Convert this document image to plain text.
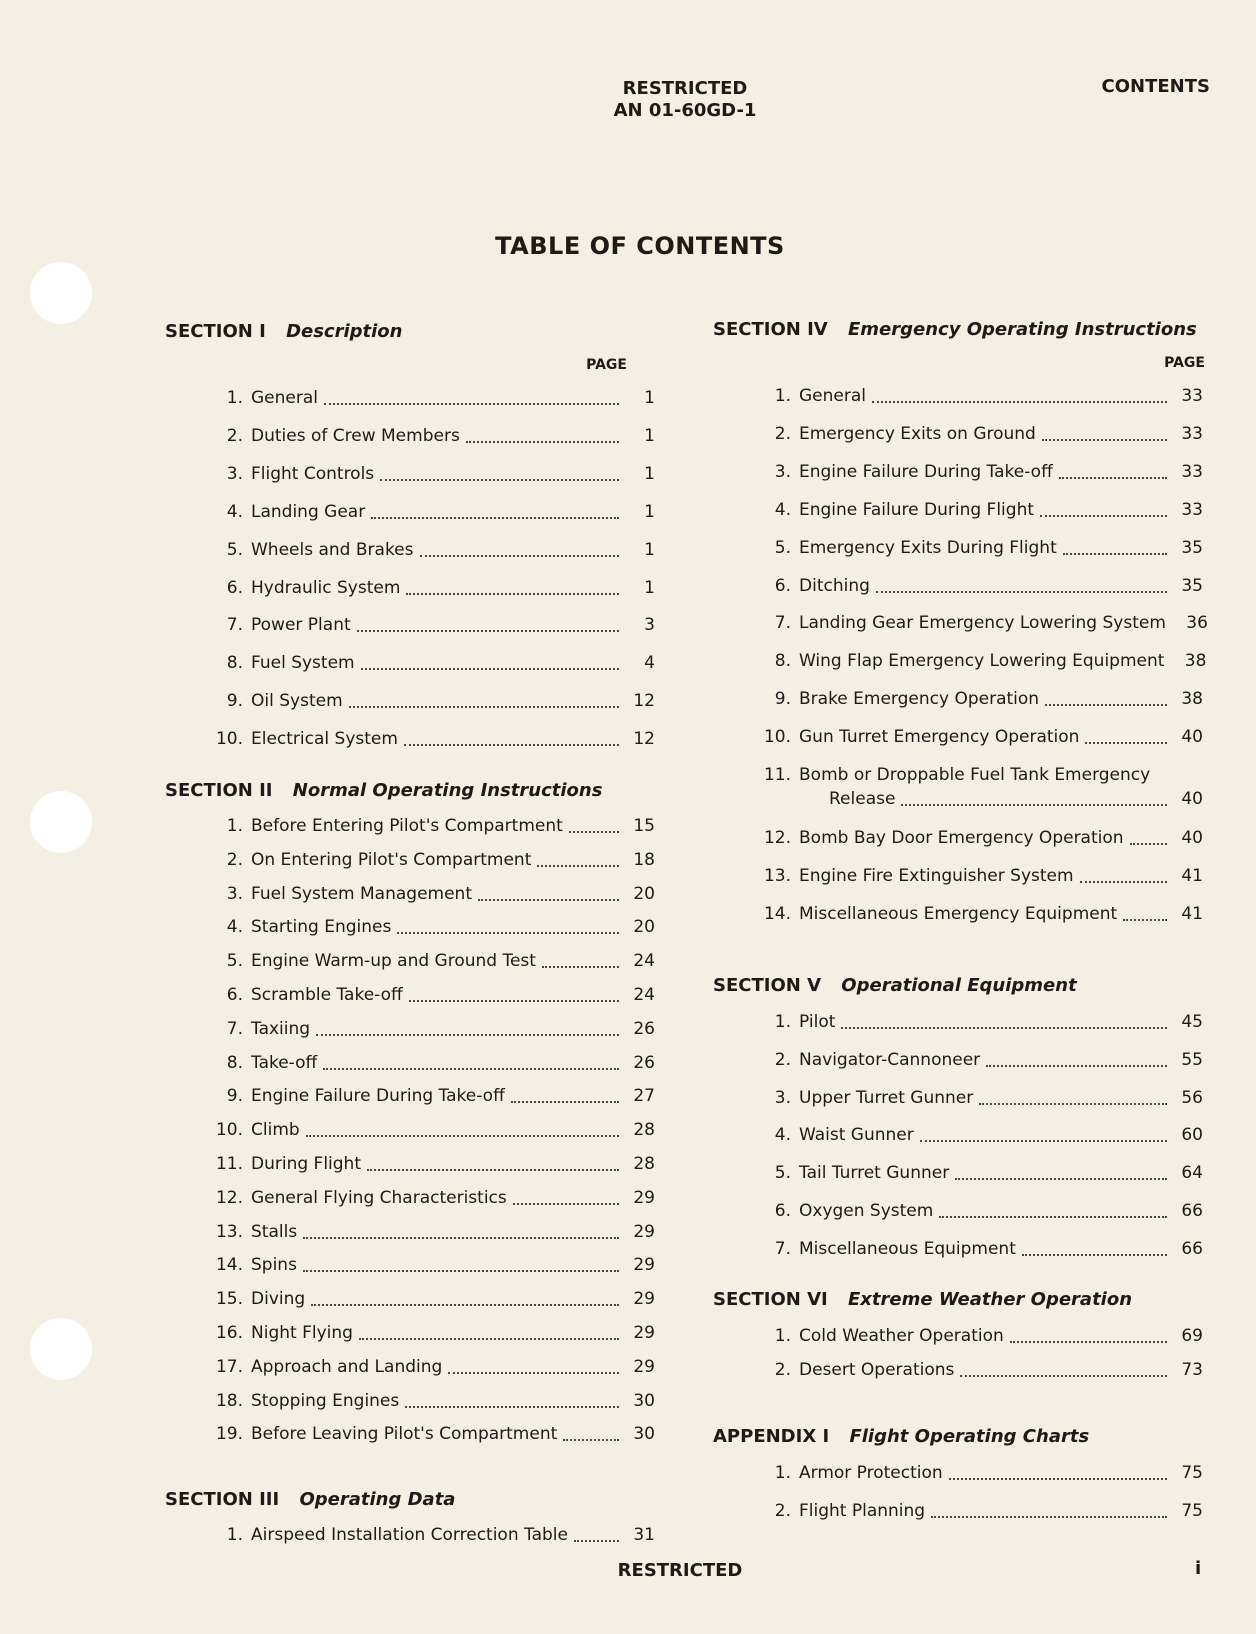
RESTRICTED
AN 01-60GD-1
CONTENTS
TABLE OF CONTENTS
SECTION I Description
PAGE
1. General	1
2. Duties of Crew Members	1
3. Flight Controls	1
4. Landing Gear	1
5. Wheels and Brakes	1
6. Hydraulic System	1
7. Power Plant	3
8. Fuel System	4
9. Oil System	12
10. Electrical System	12
SECTION II Normal Operating Instructions
1. Before Entering Pilot's Compartment	15
2. On Entering Pilot's Compartment	18
3. Fuel System Management	20
4. Starting Engines	20
5. Engine Warm-up and Ground Test	24
6. Scramble Take-off	24
7. Taxiing	26
8. Take-off	26
9. Engine Failure During Take-off	27
10. Climb	28
11. During Flight	28
12. General Flying Characteristics	29
13. Stalls	29
14. Spins	29
15. Diving	29
16. Night Flying	29
17. Approach and Landing	29
18. Stopping Engines	30
19. Before Leaving Pilot's Compartment	30
SECTION III Operating Data
1. Airspeed Installation Correction Table	31
SECTION IV Emergency Operating Instructions
PAGE
1. General	33
2. Emergency Exits on Ground	33
3. Engine Failure During Take-off	33
4. Engine Failure During Flight	33
5. Emergency Exits During Flight	35
6. Ditching	35
7. Landing Gear Emergency Lowering System	36
8. Wing Flap Emergency Lowering Equipment	38
9. Brake Emergency Operation	38
10. Gun Turret Emergency Operation	40
11. Bomb or Droppable Fuel Tank Emergency
Release	40
12. Bomb Bay Door Emergency Operation	40
13. Engine Fire Extinguisher System	41
14. Miscellaneous Emergency Equipment	41
SECTION V Operational Equipment
1. Pilot	45
2. Navigator-Cannoneer	55
3. Upper Turret Gunner	56
4. Waist Gunner	60
5. Tail Turret Gunner	64
6. Oxygen System	66
7. Miscellaneous Equipment	66
SECTION VI Extreme Weather Operation
1. Cold Weather Operation	69
2. Desert Operations	73
APPENDIX I Flight Operating Charts
1. Armor Protection	75
2. Flight Planning	75
RESTRICTED	i
